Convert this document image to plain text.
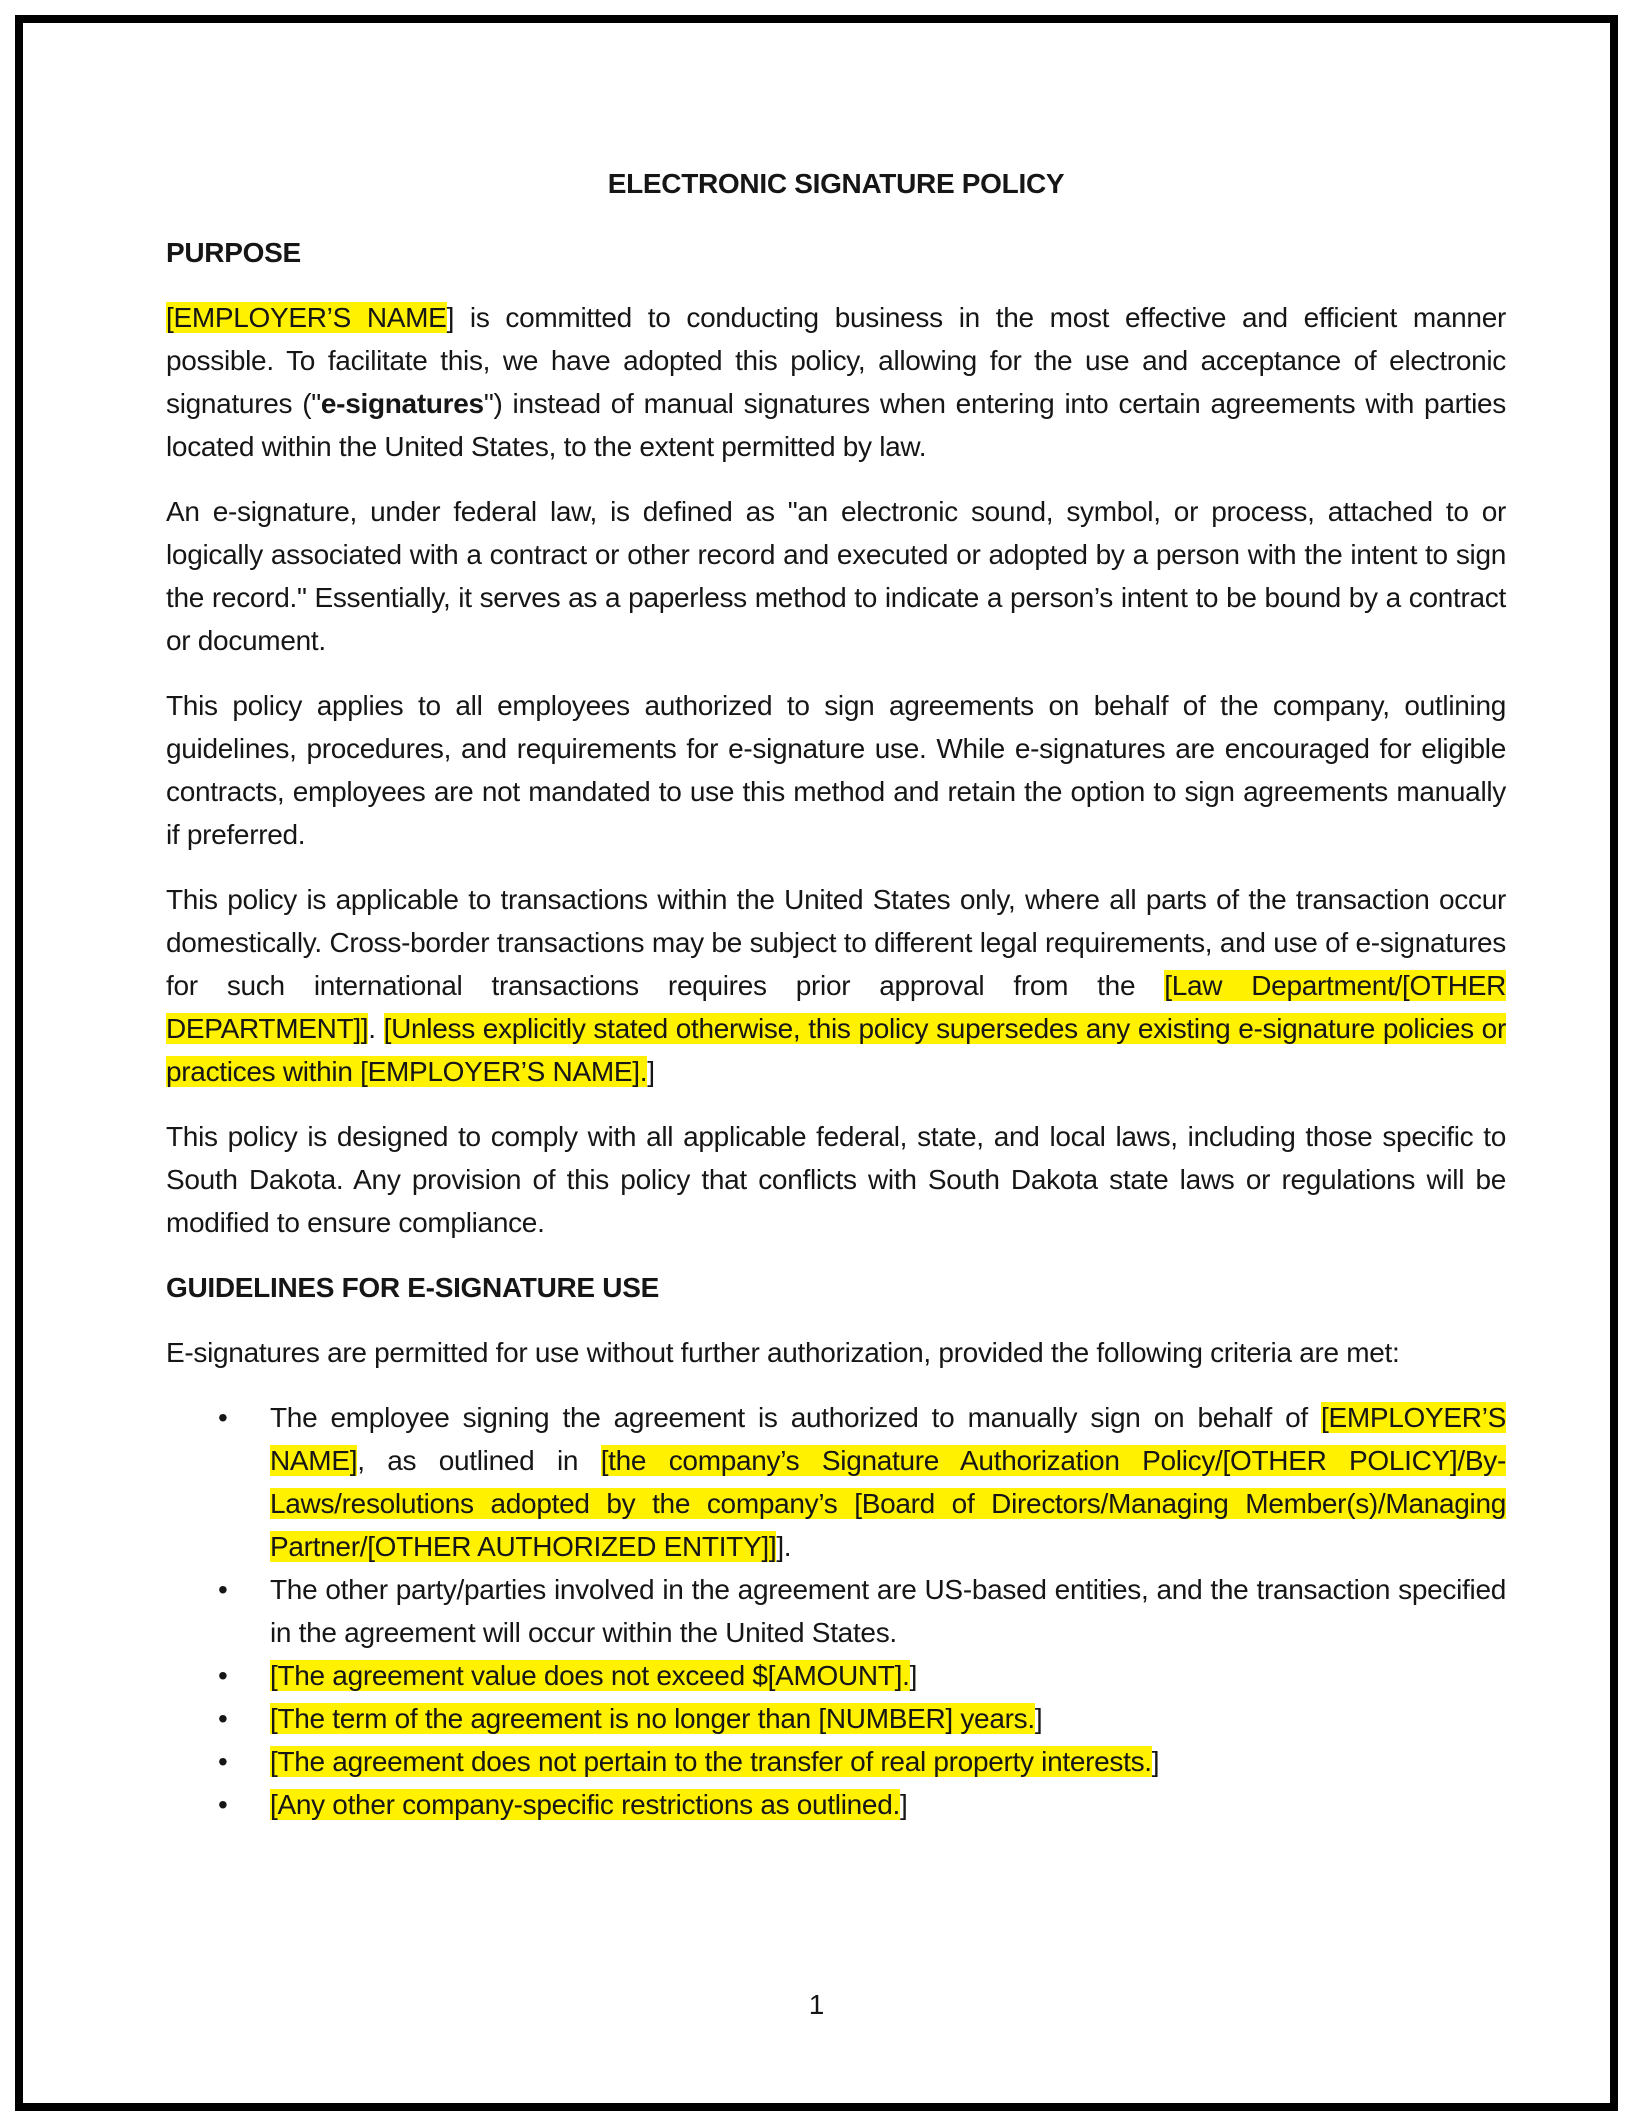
ELECTRONIC SIGNATURE POLICY
PURPOSE

[EMPLOYER’S NAME] is committed to conducting business in the most effective and efficient manner possible. To facilitate this, we have adopted this policy, allowing for the use and acceptance of electronic signatures ("e-signatures") instead of manual signatures when entering into certain agreements with parties located within the United States, to the extent permitted by law.

An e-signature, under federal law, is defined as "an electronic sound, symbol, or process, attached to or logically associated with a contract or other record and executed or adopted by a person with the intent to sign the record." Essentially, it serves as a paperless method to indicate a person’s intent to be bound by a contract or document.

This policy applies to all employees authorized to sign agreements on behalf of the company, outlining guidelines, procedures, and requirements for e-signature use. While e-signatures are encouraged for eligible contracts, employees are not mandated to use this method and retain the option to sign agreements manually if preferred.

This policy is applicable to transactions within the United States only, where all parts of the transaction occur domestically. Cross-border transactions may be subject to different legal requirements, and use of e-signatures for such international transactions requires prior approval from the [Law Department/[OTHER DEPARTMENT]]. [Unless explicitly stated otherwise, this policy supersedes any existing e-signature policies or practices within [EMPLOYER’S NAME].]

This policy is designed to comply with all applicable federal, state, and local laws, including those specific to South Dakota. Any provision of this policy that conflicts with South Dakota state laws or regulations will be modified to ensure compliance.

GUIDELINES FOR E-SIGNATURE USE

E-signatures are permitted for use without further authorization, provided the following criteria are met:

• The employee signing the agreement is authorized to manually sign on behalf of [EMPLOYER’S NAME], as outlined in [the company’s Signature Authorization Policy/[OTHER POLICY]/By-Laws/resolutions adopted by the company’s [Board of Directors/Managing Member(s)/Managing Partner/[OTHER AUTHORIZED ENTITY]]].
• The other party/parties involved in the agreement are US-based entities, and the transaction specified in the agreement will occur within the United States.
• [The agreement value does not exceed $[AMOUNT].]
• [The term of the agreement is no longer than [NUMBER] years.]
• [The agreement does not pertain to the transfer of real property interests.]
• [Any other company-specific restrictions as outlined.]
1
